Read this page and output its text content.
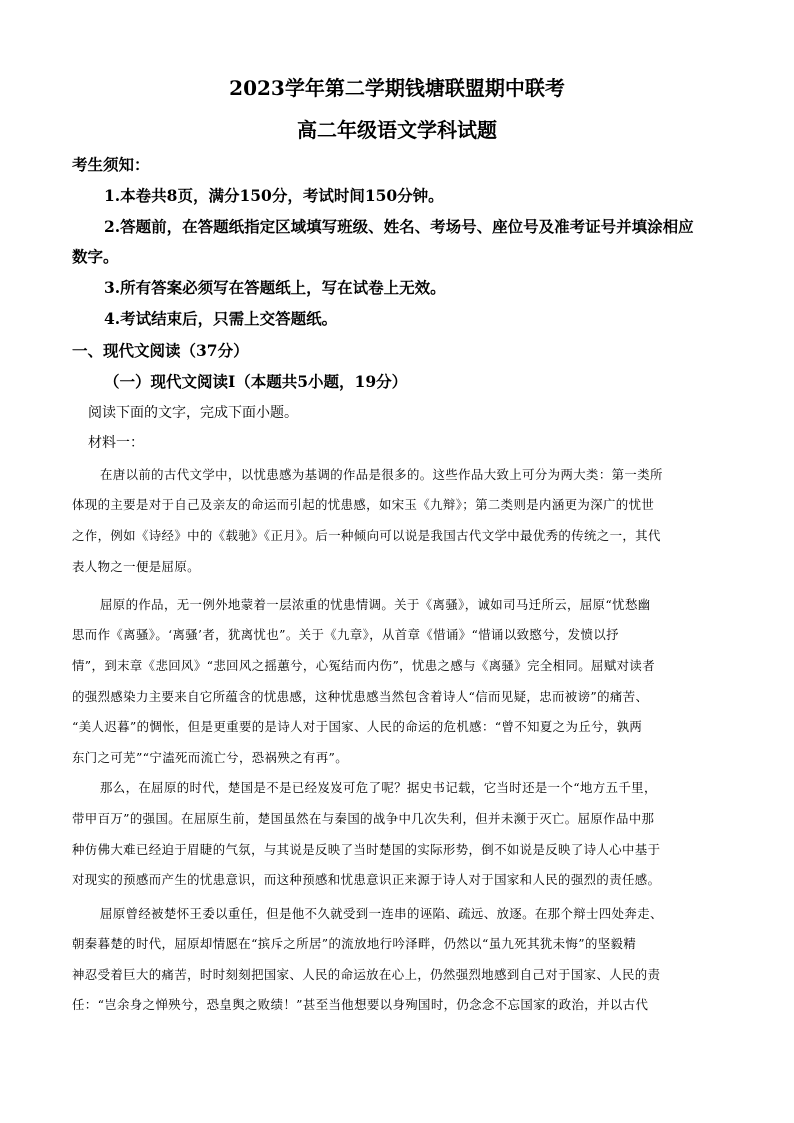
2023学年第二学期钱塘联盟期中联考
高二年级语文学科试题
考生须知：
1.本卷共8页，满分150分，考试时间150分钟。
2.答题前，在答题纸指定区域填写班级、姓名、考场号、座位号及准考证号并填涂相应
数字。
3.所有答案必须写在答题纸上，写在试卷上无效。
4.考试结束后，只需上交答题纸。
一、现代文阅读（37分）
（一）现代文阅读Ⅰ（本题共5小题，19分）
阅读下面的文字，完成下面小题。
材料一：
在唐以前的古代文学中，以忧患感为基调的作品是很多的。这些作品大致上可分为两大类：第一类所
体现的主要是对于自己及亲友的命运而引起的忧患感，如宋玉《九辩》；第二类则是内涵更为深广的忧世
之作，例如《诗经》中的《载驰》《正月》。后一种倾向可以说是我国古代文学中最优秀的传统之一，其代
表人物之一便是屈原。
屈原的作品，无一例外地蒙着一层浓重的忧患情调。关于《离骚》，诚如司马迁所云，屈原“忧愁幽
思而作《离骚》。‘离骚’者，犹离忧也”。关于《九章》，从首章《惜诵》“惜诵以致愍兮，发愤以抒
情”，到末章《悲回风》“悲回风之摇蕙兮，心冤结而内伤”，忧患之感与《离骚》完全相同。屈赋对读者
的强烈感染力主要来自它所蕴含的忧患感，这种忧患感当然包含着诗人“信而见疑，忠而被谤”的痛苦、
“美人迟暮”的惆怅，但是更重要的是诗人对于国家、人民的命运的危机感：“曾不知夏之为丘兮，孰两
东门之可芜”“宁溘死而流亡兮，恐祸殃之有再”。
那么，在屈原的时代，楚国是不是已经岌岌可危了呢？据史书记载，它当时还是一个“地方五千里，
带甲百万”的强国。在屈原生前，楚国虽然在与秦国的战争中几次失利，但并未濒于灭亡。屈原作品中那
种仿佛大难已经迫于眉睫的气氛，与其说是反映了当时楚国的实际形势，倒不如说是反映了诗人心中基于
对现实的预感而产生的忧患意识，而这种预感和忧患意识正来源于诗人对于国家和人民的强烈的责任感。
屈原曾经被楚怀王委以重任，但是他不久就受到一连串的诬陷、疏远、放逐。在那个辩士四处奔走、
朝秦暮楚的时代，屈原却情愿在“摈斥之所居”的流放地行吟泽畔，仍然以“虽九死其犹未悔”的坚毅精
神忍受着巨大的痛苦，时时刻刻把国家、人民的命运放在心上，仍然强烈地感到自己对于国家、人民的责
任：“岂余身之惮殃兮，恐皇舆之败绩！”甚至当他想要以身殉国时，仍念念不忘国家的政治，并以古代
